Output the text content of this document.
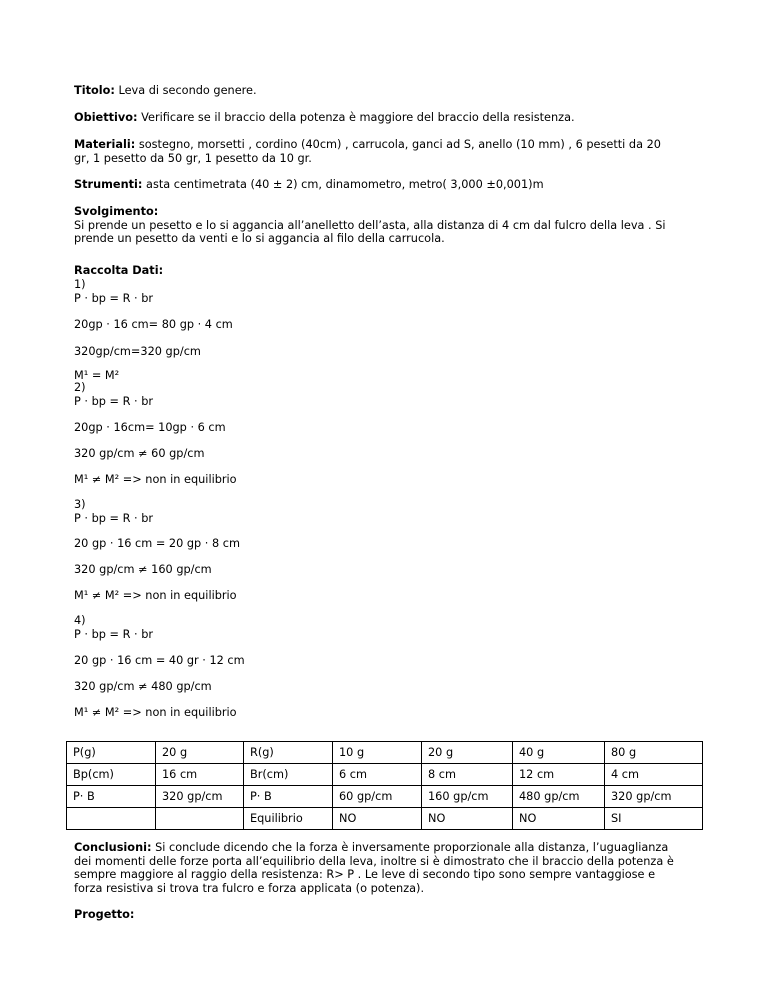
Titolo: Leva di secondo genere.
Obiettivo: Verificare se il braccio della potenza è maggiore del braccio della resistenza.
Materiali: sostegno, morsetti , cordino (40cm) , carrucola, ganci ad S, anello (10 mm) , 6 pesetti da 20
gr, 1 pesetto da 50 gr, 1 pesetto da 10 gr.
Strumenti: asta centimetrata (40 ± 2) cm, dinamometro, metro( 3,000 ±0,001)m
Svolgimento:
Si prende un pesetto e lo si aggancia all’anelletto dell’asta, alla distanza di 4 cm dal fulcro della leva . Si
prende un pesetto da venti e lo si aggancia al filo della carrucola.
Raccolta Dati:
1)
P · bp = R · br
20gp · 16 cm= 80 gp · 4 cm
320gp/cm=320 gp/cm
M¹ = M²
2)
P · bp = R · br
20gp · 16cm= 10gp · 6 cm
320 gp/cm ≠ 60 gp/cm
M¹ ≠ M² => non in equilibrio
3)
P · bp = R · br
20 gp · 16 cm = 20 gp · 8 cm
320 gp/cm ≠ 160 gp/cm
M¹ ≠ M² => non in equilibrio
4)
P · bp = R · br
20 gp · 16 cm = 40 gr · 12 cm
320 gp/cm ≠ 480 gp/cm
M¹ ≠ M² => non in equilibrio
Conclusioni: Si conclude dicendo che la forza è inversamente proporzionale alla distanza, l’uguaglianza
dei momenti delle forze porta all’equilibrio della leva, inoltre si è dimostrato che il braccio della potenza è
sempre maggiore al raggio della resistenza: R> P . Le leve di secondo tipo sono sempre vantaggiose e
forza resistiva si trova tra fulcro e forza applicata (o potenza).
Progetto:
P(g)	20 g	R(g)	10 g	20 g	40 g	80 g
Bp(cm)	16 cm	Br(cm)	6 cm	8 cm	12 cm	4 cm
P· B	320 gp/cm	P· B	60 gp/cm	160 gp/cm	480 gp/cm	320 gp/cm
		Equilibrio	NO	NO	NO	SI
